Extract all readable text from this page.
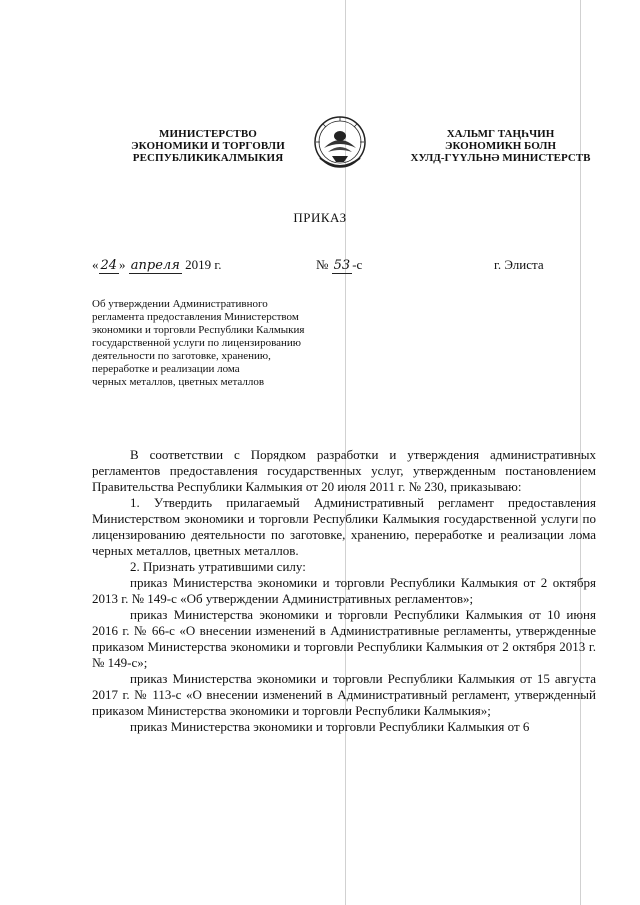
МИНИСТЕРСТВО
ЭКОНОМИКИ И ТОРГОВЛИ
РЕСПУБЛИКИКАЛМЫКИЯ
ХАЛЬМГ ТАҢҺЧИН
ЭКОНОМИКН БОЛН
ХУЛД-ГҮҮЛЬНӘ МИНИСТЕРСТВ
ПРИКАЗ
« 24 » апреля 2019 г.	№ 53 -с	г. Элиста
Об утверждении Административного
регламента предоставления Министерством
экономики и торговли Республики Калмыкия
государственной услуги по лицензированию
деятельности по заготовке, хранению,
переработке и реализации лома
черных металлов, цветных металлов

В соответствии с Порядком разработки и утверждения административных регламентов предоставления государственных услуг, утвержденным постановлением Правительства Республики Калмыкия от 20 июля 2011 г. № 230, приказываю:

1. Утвердить прилагаемый Административный регламент предоставления Министерством экономики и торговли Республики Калмыкия государственной услуги по лицензированию деятельности по заготовке, хранению, переработке и реализации лома черных металлов, цветных металлов.

2. Признать утратившими силу:

приказ Министерства экономики и торговли Республики Калмыкия от 2 октября 2013 г. № 149-с «Об утверждении Административных регламентов»;

приказ Министерства экономики и торговли Республики Калмыкия от 10 июня 2016 г. № 66-с «О внесении изменений в Административные регламенты, утвержденные приказом Министерства экономики и торговли Республики Калмыкия от 2 октября 2013 г. № 149-с»;

приказ Министерства экономики и торговли Республики Калмыкия от 15 августа 2017 г. № 113-с «О внесении изменений в Административный регламент, утвержденный приказом Министерства экономики и торговли Республики Калмыкия»;

приказ Министерства экономики и торговли Республики Калмыкия от 6
